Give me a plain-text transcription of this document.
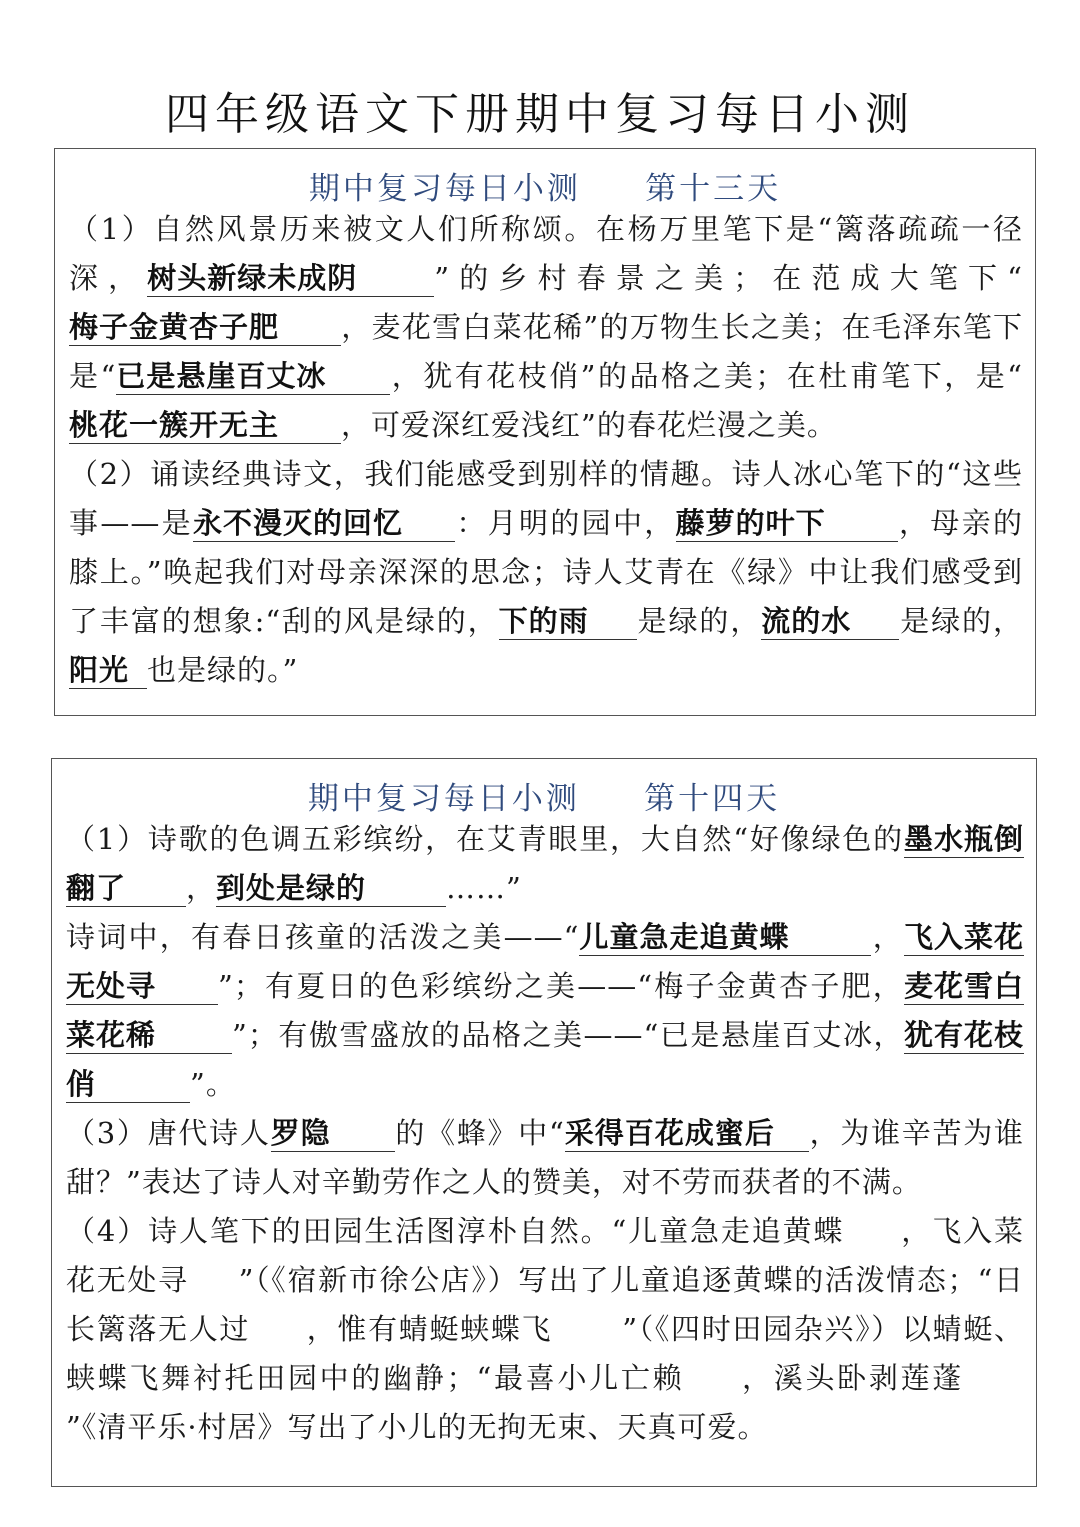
四年级语文下册期中复习每日小测
期中复习每日小测     第十三天
（1）自然风景历来被文人们所称颂。在杨万里笔下是“篱落疏疏一径深，树头新绿未成阴	”的乡村春景之美；在范成大笔下“梅子金黄杏子肥 ，麦花雪白菜花稀”的万物生长之美；在毛泽东笔下是“已是悬崖百丈冰 ，犹有花枝俏”的品格之美；在杜甫笔下，是“桃花一簇开无主 ，可爱深红爱浅红”的春花烂漫之美。
（2）诵读经典诗文，我们能感受到别样的情趣。诗人冰心笔下的“这些事——是永不漫灭的回忆 ：月明的园中，藤萝的叶下 ，母亲的膝上。”唤起我们对母亲深深的思念；诗人艾青在《绿》中让我们感受到了丰富的想象:“刮的风是绿的，下的雨 是绿的，流的水 是绿的，阳光 也是绿的。”
期中复习每日小测     第十四天
（1）诗歌的色调五彩缤纷，在艾青眼里，大自然“好像绿色的墨水瓶倒翻了 ，到处是绿的	……”
诗词中，有春日孩童的活泼之美——“儿童急走追黄蝶	，飞入菜花无处寻 ”；有夏日的色彩缤纷之美——“梅子金黄杏子肥，麦花雪白菜花稀	”；有傲雪盛放的品格之美——“已是悬崖百丈冰，犹有花枝俏	”。
（3）唐代诗人罗隐 的《蜂》中“采得百花成蜜后 ，为谁辛苦为谁甜？”表达了诗人对辛勤劳作之人的赞美，对不劳而获者的不满。
（4）诗人笔下的田园生活图淳朴自然。“儿童急走追黄蝶 ，飞入菜花无处寻 ”（《宿新市徐公店》）写出了儿童追逐黄蝶的活泼情态；“日长篱落无人过 ，惟有蜻蜓蛱蝶飞 ”（《四时田园杂兴》）以蜻蜓、蛱蝶飞舞衬托田园中的幽静；“最喜小儿亡赖 ，溪头卧剥莲蓬”《清平乐·村居》写出了小儿的无拘无束、天真可爱。
